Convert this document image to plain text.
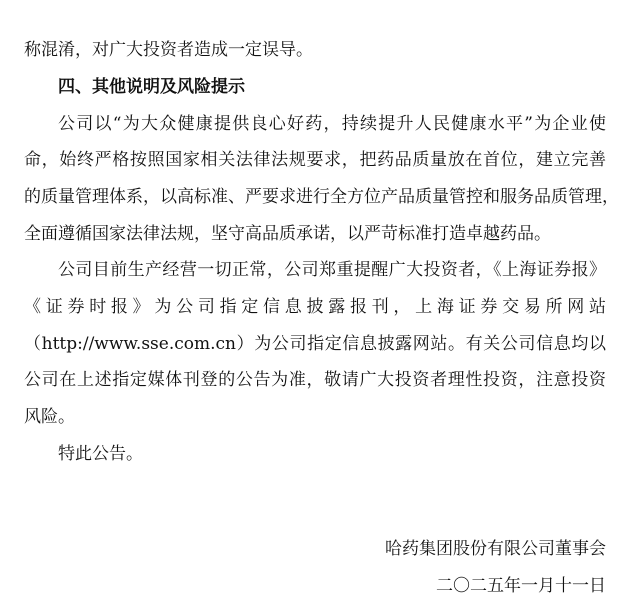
称混淆，对广大投资者造成一定误导。
四、其他说明及风险提示
公司以“为大众健康提供良心好药，持续提升人民健康水平”为企业使
命，始终严格按照国家相关法律法规要求，把药品质量放在首位，建立完善
的质量管理体系，以高标准、严要求进行全方位产品质量管控和服务品质管理，
全面遵循国家法律法规，坚守高品质承诺，以严苛标准打造卓越药品。
公司目前生产经营一切正常，公司郑重提醒广大投资者，《上海证券报》
《证券时报》为公司指定信息披露报刊，上海证券交易所网站
（http://www.sse.com.cn）为公司指定信息披露网站。有关公司信息均以
公司在上述指定媒体刊登的公告为准，敬请广大投资者理性投资，注意投资
风险。
特此公告。
哈药集团股份有限公司董事会
二〇二五年一月十一日
